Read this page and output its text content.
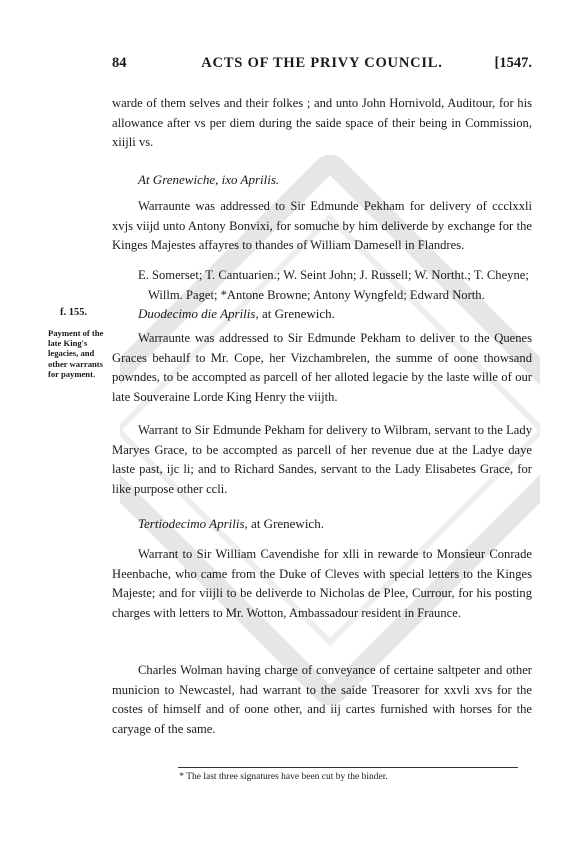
84	ACTS OF THE PRIVY COUNCIL.	[1547.

warde of them selves and their folkes ; and unto John Hornivold, Auditour, for his allowance after vs per diem during the saide space of their being in Commission, xiijli vs.

At Grenewiche, ixo Aprilis.

Warraunte was addressed to Sir Edmunde Pekham for delivery of ccclxxli xvjs viijd unto Antony Bonvixi, for somuche by him deliverde by exchange for the Kinges Majestes affayres to thandes of William Damesell in Flandres.

E. Somerset; T. Cantuarien.; W. Seint John; J. Russell; W. Northt.; T. Cheyne; Willm. Paget; *Antone Browne; Antony Wyngfeld; Edward North.

f. 155.	Duodecimo die Aprilis, at Grenewich.

Payment of the late King's legacies, and other warrants for payment.

Warraunte was addressed to Sir Edmunde Pekham to deliver to the Quenes Graces behaulf to Mr. Cope, her Vizchambrelen, the summe of oone thowsand powndes, to be accompted as parcell of her alloted legacie by the laste wille of our late Souveraine Lorde King Henry the viijth.

Warrant to Sir Edmunde Pekham for delivery to Wilbram, servant to the Lady Maryes Grace, to be accompted as parcell of her revenue due at the Ladye daye laste past, ijc li; and to Richard Sandes, servant to the Lady Elisabetes Grace, for like purpose other ccli.

Tertiodecimo Aprilis, at Grenewich.

Warrant to Sir William Cavendishe for xlli in rewarde to Monsieur Conrade Heenbache, who came from the Duke of Cleves with special letters to the Kinges Majeste; and for viijli to be deliverde to Nicholas de Plee, Currour, for his posting charges with letters to Mr. Wotton, Ambassadour resident in Fraunce.

Charles Wolman having charge of conveyance of certaine saltpeter and other municion to Newcastel, had warrant to the saide Treasorer for xxvli xvs for the costes of himself and of oone other, and iij cartes furnished with horses for the caryage of the same.

* The last three signatures have been cut by the binder.
